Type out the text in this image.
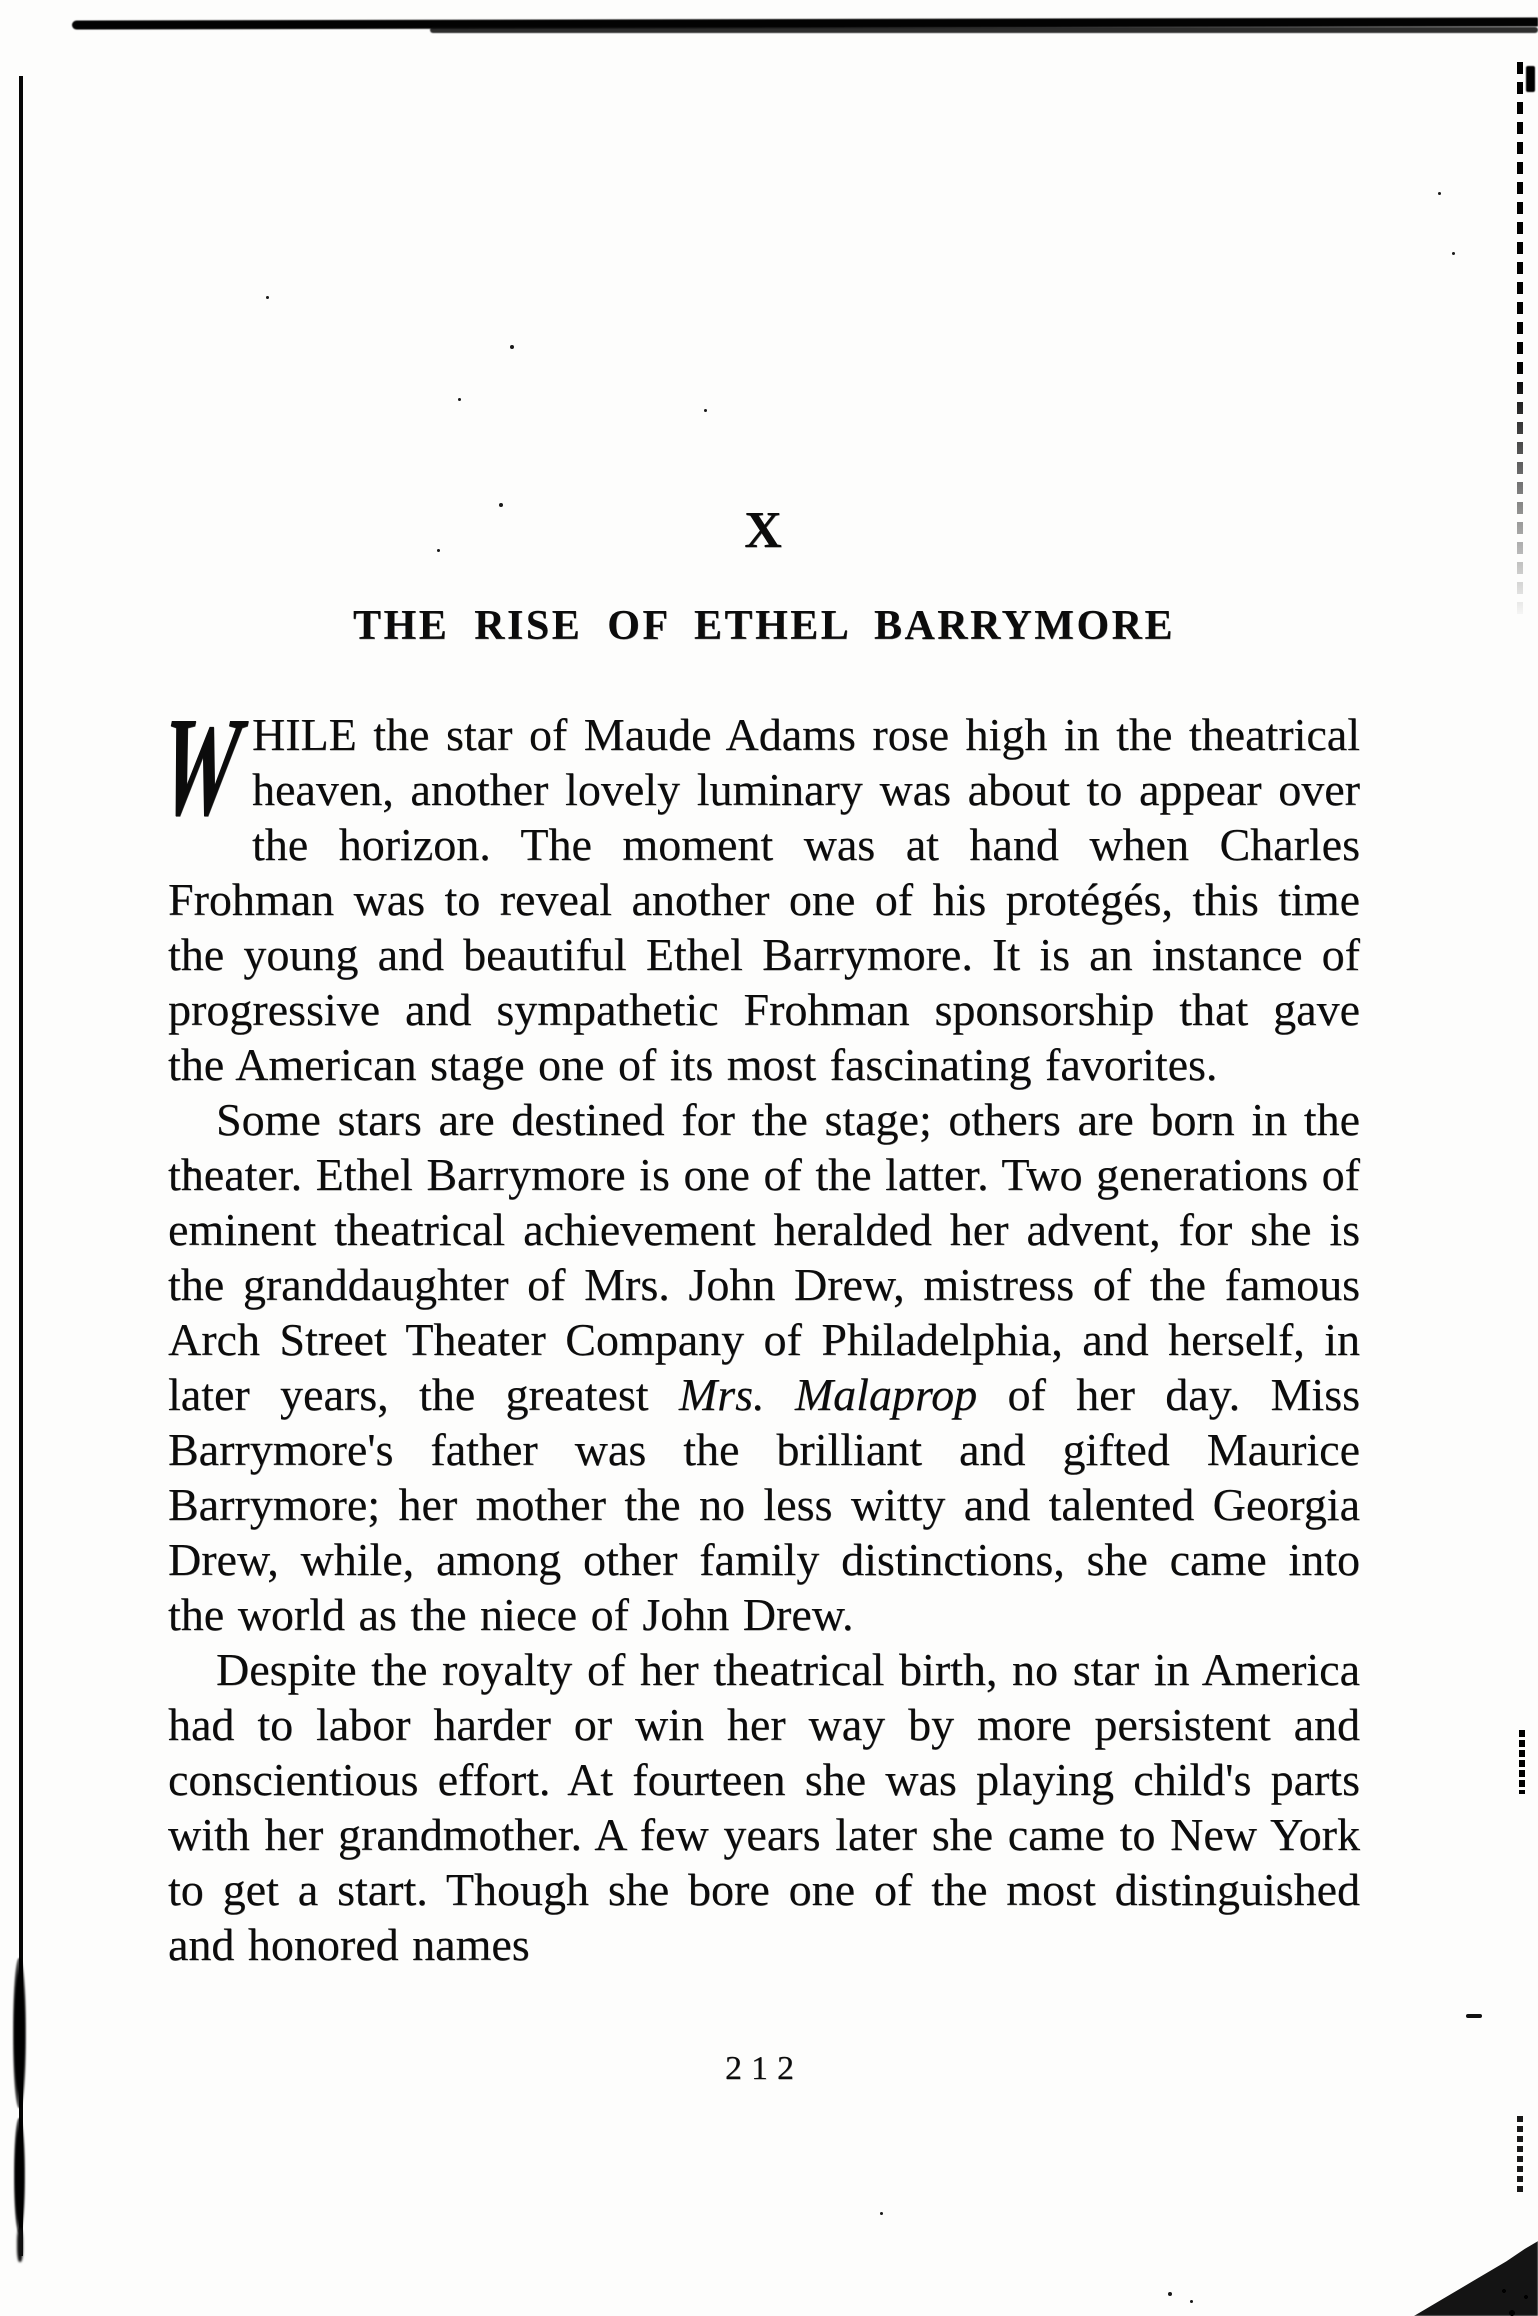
X
THE RISE OF ETHEL BARRYMORE

W HILE the star of Maude Adams rose high in the theatrical heaven, another lovely luminary was about to appear over the horizon. The moment was at hand when Charles Frohman was to reveal another one of his protégés, this time the young and beautiful Ethel Barrymore. It is an instance of progressive and sympathetic Frohman sponsorship that gave the American stage one of its most fascinating favorites.

Some stars are destined for the stage; others are born in the theater. Ethel Barrymore is one of the latter. Two generations of eminent theatrical achievement heralded her advent, for she is the granddaughter of Mrs. John Drew, mistress of the famous Arch Street Theater Company of Philadelphia, and herself, in later years, the greatest Mrs. Malaprop of her day. Miss Barrymore's father was the brilliant and gifted Maurice Barrymore; her mother the no less witty and talented Georgia Drew, while, among other family distinctions, she came into the world as the niece of John Drew.

Despite the royalty of her theatrical birth, no star in America had to labor harder or win her way by more persistent and conscientious effort. At fourteen she was playing child's parts with her grandmother. A few years later she came to New York to get a start. Though she bore one of the most distinguished and honored names

212
